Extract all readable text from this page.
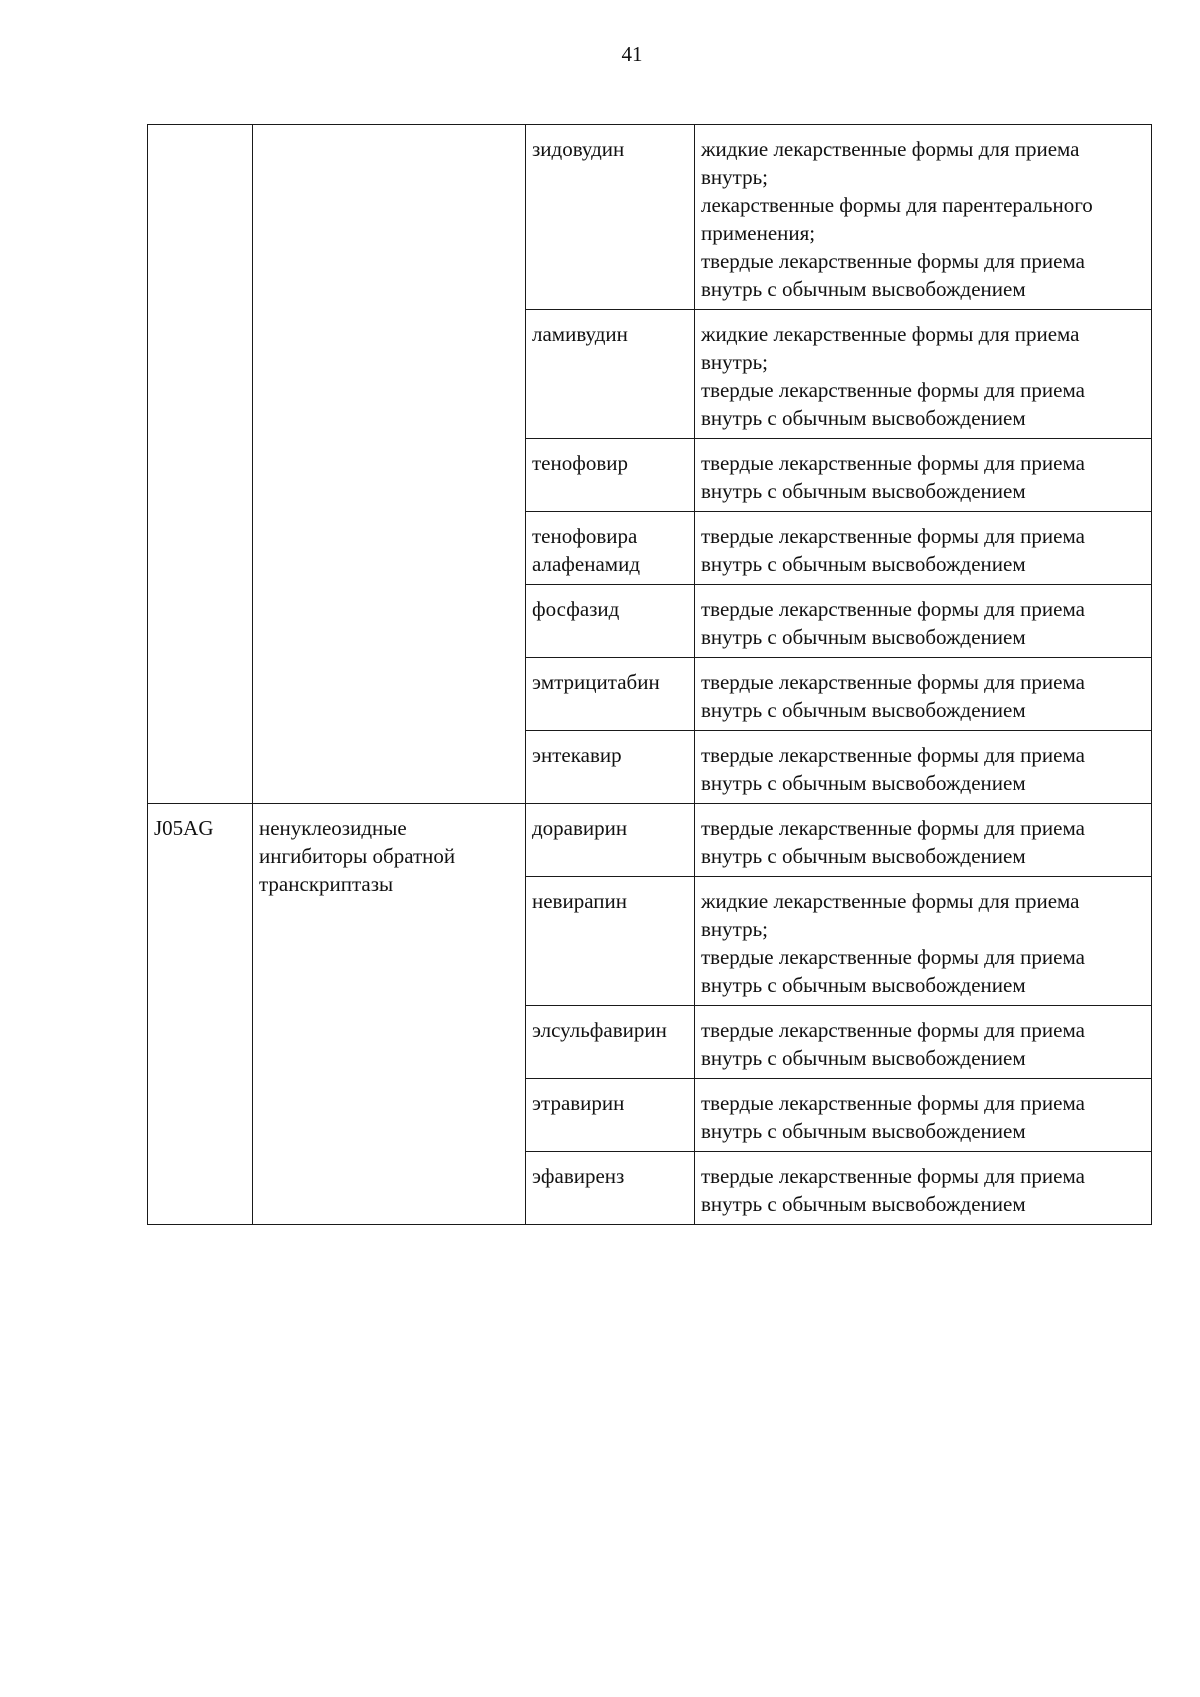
41
		зидовудин	жидкие лекарственные формы для приема внутрь;
лекарственные формы для парентерального применения;
твердые лекарственные формы для приема внутрь с обычным высвобождением

		ламивудин	жидкие лекарственные формы для приема внутрь;
твердые лекарственные формы для приема внутрь с обычным высвобождением

		тенофовир	твердые лекарственные формы для приема внутрь с обычным высвобождением

		тенофовира алафенамид	твердые лекарственные формы для приема внутрь с обычным высвобождением

		фосфазид	твердые лекарственные формы для приема внутрь с обычным высвобождением

		эмтрицитабин	твердые лекарственные формы для приема внутрь с обычным высвобождением

		энтекавир	твердые лекарственные формы для приема внутрь с обычным высвобождением

J05AG	ненуклеозидные ингибиторы обратной транскриптазы	доравирин	твердые лекарственные формы для приема внутрь с обычным высвобождением

		невирапин	жидкие лекарственные формы для приема внутрь;
твердые лекарственные формы для приема внутрь с обычным высвобождением

		элсульфавирин	твердые лекарственные формы для приема внутрь с обычным высвобождением

		этравирин	твердые лекарственные формы для приема внутрь с обычным высвобождением

		эфавиренз	твердые лекарственные формы для приема внутрь с обычным высвобождением
